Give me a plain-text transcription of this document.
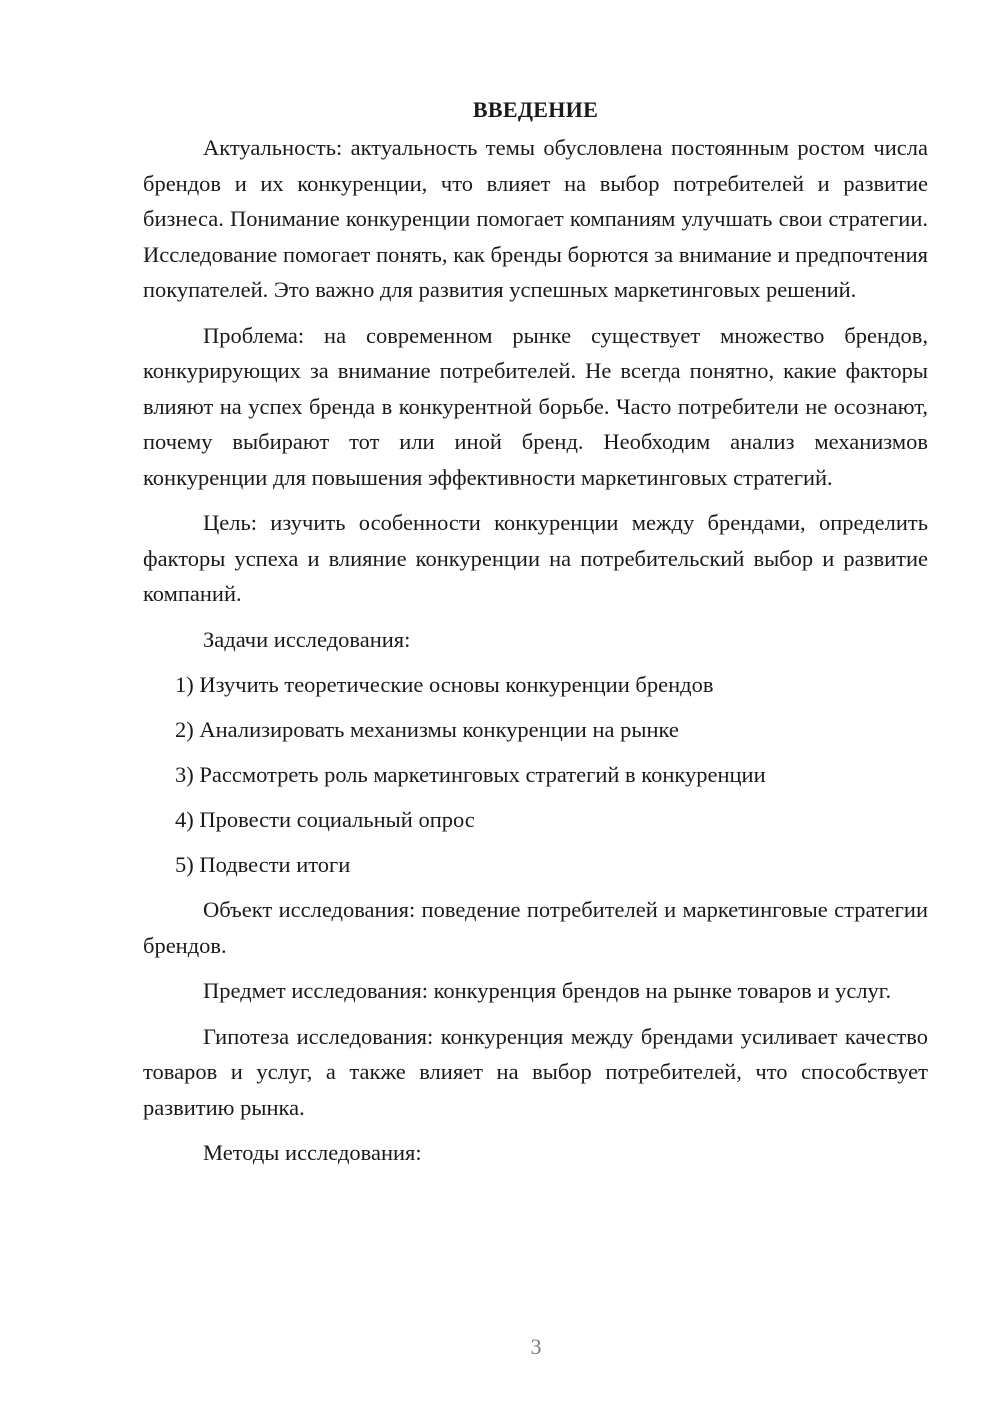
ВВЕДЕНИЕ

Актуальность: актуальность темы обусловлена постоянным ростом числа брендов и их конкуренции, что влияет на выбор потребителей и развитие бизнеса. Понимание конкуренции помогает компаниям улучшать свои стратегии. Исследование помогает понять, как бренды борются за внимание и предпочтения покупателей. Это важно для развития успешных маркетинговых решений.

Проблема: на современном рынке существует множество брендов, конкурирующих за внимание потребителей. Не всегда понятно, какие факторы влияют на успех бренда в конкурентной борьбе. Часто потребители не осознают, почему выбирают тот или иной бренд. Необходим анализ механизмов конкуренции для повышения эффективности маркетинговых стратегий.

Цель: изучить особенности конкуренции между брендами, определить факторы успеха и влияние конкуренции на потребительский выбор и развитие компаний.

Задачи исследования:

1) Изучить теоретические основы конкуренции брендов
2) Анализировать механизмы конкуренции на рынке
3) Рассмотреть роль маркетинговых стратегий в конкуренции
4) Провести социальный опрос
5) Подвести итоги

Объект исследования: поведение потребителей и маркетинговые стратегии брендов.

Предмет исследования: конкуренция брендов на рынке товаров и услуг.

Гипотеза исследования: конкуренция между брендами усиливает качество товаров и услуг, а также влияет на выбор потребителей, что способствует развитию рынка.

Методы исследования:

3
